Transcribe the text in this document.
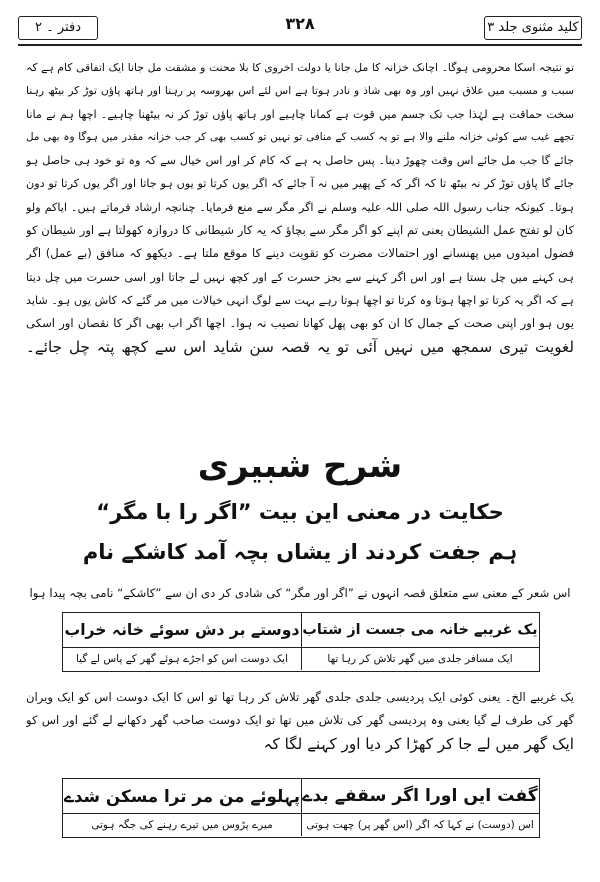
کلید مثنوی جلد ۳
۳۲۸
دفتر ۔ ۲
تو نتیجہ اسکا محرومی ہوگا۔ اچانک خزانہ کا مل جانا یا دولت اخروی کا بلا محنت و مشقت مل جانا ایک اتفاقی کام ہے کہ
سبب و مسبب میں علاق نہیں اور وہ بھی شاذ و نادر ہوتا ہے اس لئے اس بھروسہ پر رہنا اور ہاتھ پاؤں توڑ کر بیٹھ رہنا
سخت حماقت ہے لہٰذا جب تک جسم میں قوت ہے کمانا چاہیے اور ہاتھ پاؤں توڑ کر نہ بیٹھنا چاہیے۔ اچھا ہم نے مانا
تجھے غیب سے کوئی خزانہ ملنے والا ہے تو یہ کسب کے منافی تو نہیں تو کسب بھی کر جب خزانہ مقدر میں ہوگا وہ بھی مل
جائے گا جب مل جائے اس وقت چھوڑ دینا۔ پس حاصل یہ ہے کہ کام کر اور اس خیال سے کہ وہ تو خود ہی حاصل ہو
جائے گا پاؤں توڑ کر نہ بیٹھ تا کہ اگر کہ کے پھیر میں نہ آ جائے کہ اگر یوں کرتا تو یوں ہو جاتا اور اگر یوں کرتا تو دون
ہوتا۔ کیونکہ جناب رسول اللہ صلی اللہ علیہ وسلم نے اگر مگر سے منع فرمایا۔ چنانچہ ارشاد فرماتے ہیں۔ ایاکم ولو
کان لو تفتح عمل الشیطان یعنی تم اپنے کو اگر مگر سے بچاؤ کہ یہ کار شیطانی کا دروازہ کھولتا ہے اور شیطان کو
فضول امیدوں میں پھنسانے اور احتمالات مضرت کو تقویت دینے کا موقع ملتا ہے۔ دیکھو کہ منافق (بے عمل) اگر
ہی کہنے میں چل بستا ہے اور اس اگر کہنے سے بجز حسرت کے اور کچھ نہیں لے جاتا اور اسی حسرت میں چل دیتا
ہے کہ اگر یہ کرتا تو اچھا ہوتا وہ کرتا تو اچھا ہوتا رہے بہت سے لوگ انہی خیالات میں مر گئے کہ کاش یوں ہو۔ شاید
یوں ہو اور اپنی صحت کے جمال کا ان کو بھی پھل کھانا نصیب نہ ہوا۔ اچھا اگر اب بھی اگر کا نقصان اور اسکی
لغویت تیری سمجھ میں نہیں آئی تو یہ قصہ سن شاید اس سے کچھ پتہ چل جائے۔
شرح شبیری
حکایت در معنی این بیت ”اگر را با مگر“
ہم جفت کردند از یشاں بچہ آمد کاشکے نام
اس شعر کے معنی سے متعلق قصہ انہوں نے ”اگر اور مگر“ کی شادی کر دی ان سے ”کاشکے“ نامی بچہ پیدا ہوا
یک غریبے خانہ می جست از شتاب
دوستے بر دش سوئے خانہ خراب
ایک مسافر جلدی میں گھر تلاش کر رہا تھا
ایک دوست اس کو اجڑے ہوئے گھر کے پاس لے گیا
یک غریبے الخ۔ یعنی کوئی ایک پردیسی جلدی جلدی گھر تلاش کر رہا تھا تو اس کا ایک دوست اس کو ایک ویران
گھر کی طرف لے گیا یعنی وہ پردیسی گھر کی تلاش میں تھا تو ایک دوست صاحب گھر دکھانے لے گئے اور اس کو
ایک گھر میں لے جا کر کھڑا کر دیا اور کہنے لگا کہ
گفت ایں اورا اگر سقفے بدے
پہلوئے من مر ترا مسکن شدے
اس (دوست) نے کہا کہ اگر (اس گھر پر) چھت ہوتی
میرے پڑوس میں تیرے رہنے کی جگہ ہوتی
